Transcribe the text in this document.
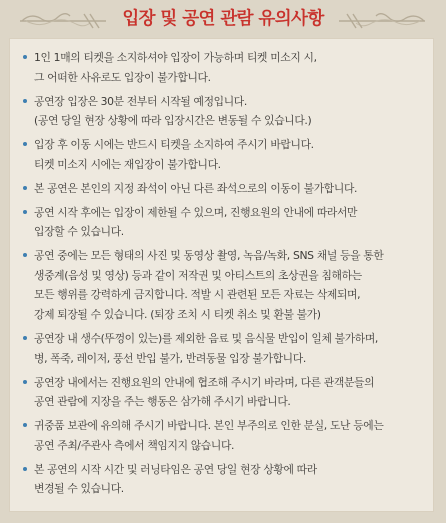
입장 및 공연 관람 유의사항
1인 1매의 티켓을 소지하셔야 입장이 가능하며 티켓 미소지 시,
그 어떠한 사유로도 입장이 불가합니다.
공연장 입장은 30분 전부터 시작될 예정입니다.
(공연 당일 현장 상황에 따라 입장시간은 변동될 수 있습니다.)
입장 후 이동 시에는 반드시 티켓을 소지하여 주시기 바랍니다.
티켓 미소지 시에는 재입장이 불가합니다.
본 공연은 본인의 지정 좌석이 아닌 다른 좌석으로의 이동이 불가합니다.
공연 시작 후에는 입장이 제한될 수 있으며, 진행요원의 안내에 따라서만
입장할 수 있습니다.
공연 중에는 모든 형태의 사진 및 동영상 촬영, 녹음/녹화, SNS 채널 등을 통한
생중계(음성 및 영상) 등과 같이 저작권 및 아티스트의 초상권을 침해하는
모든 행위를 강력하게 금지합니다. 적발 시 관련된 모든 자료는 삭제되며,
강제 퇴장될 수 있습니다. (퇴장 조치 시 티켓 취소 및 환불 불가)
공연장 내 생수(뚜껑이 있는)를 제외한 음료 및 음식물 반입이 일체 불가하며,
병, 폭죽, 레이저, 풍선 반입 불가, 반려동물 입장 불가합니다.
공연장 내에서는 진행요원의 안내에 협조해 주시기 바라며, 다른 관객분들의
공연 관람에 지장을 주는 행동은 삼가해 주시기 바랍니다.
귀중품 보관에 유의해 주시기 바랍니다. 본인 부주의로 인한 분실, 도난 등에는
공연 주최/주관사 측에서 책임지지 않습니다.
본 공연의 시작 시간 및 러닝타임은 공연 당일 현장 상황에 따라
변경될 수 있습니다.
